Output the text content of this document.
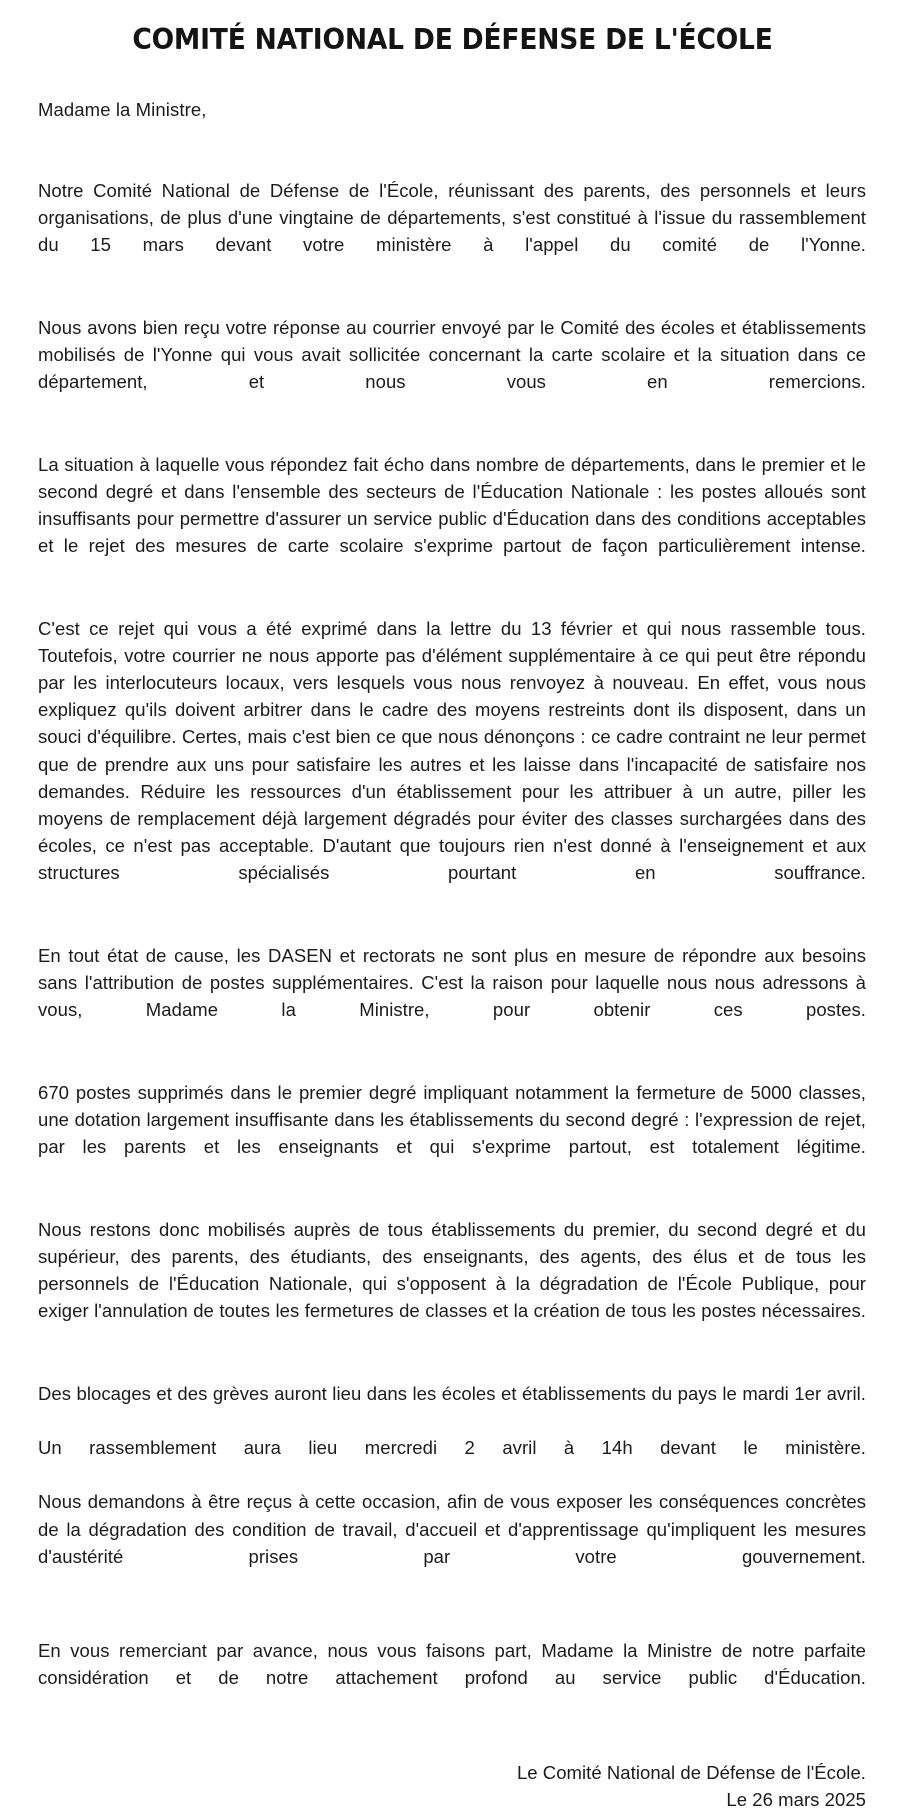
COMITÉ NATIONAL DE DÉFENSE DE L'ÉCOLE

Madame la Ministre,

Notre Comité National de Défense de l'École, réunissant des parents, des personnels et leurs organisations, de plus d'une vingtaine de départements, s'est constitué à l'issue du rassemblement du 15 mars devant votre ministère à l'appel du comité de l'Yonne.

Nous avons bien reçu votre réponse au courrier envoyé par le Comité des écoles et établissements mobilisés de l'Yonne qui vous avait sollicitée concernant la carte scolaire et la situation dans ce département, et nous vous en remercions.

La situation à laquelle vous répondez fait écho dans nombre de départements, dans le premier et le second degré et dans l'ensemble des secteurs de l'Éducation Nationale : les postes alloués sont insuffisants pour permettre d'assurer un service public d'Éducation dans des conditions acceptables et le rejet des mesures de carte scolaire s'exprime partout de façon particulièrement intense.

C'est ce rejet qui vous a été exprimé dans la lettre du 13 février et qui nous rassemble tous. Toutefois, votre courrier ne nous apporte pas d'élément supplémentaire à ce qui peut être répondu par les interlocuteurs locaux, vers lesquels vous nous renvoyez à nouveau. En effet, vous nous expliquez qu'ils doivent arbitrer dans le cadre des moyens restreints dont ils disposent, dans un souci d'équilibre. Certes, mais c'est bien ce que nous dénonçons : ce cadre contraint ne leur permet que de prendre aux uns pour satisfaire les autres et les laisse dans l'incapacité de satisfaire nos demandes. Réduire les ressources d'un établissement pour les attribuer à un autre, piller les moyens de remplacement déjà largement dégradés pour éviter des classes surchargées dans des écoles, ce n'est pas acceptable. D'autant que toujours rien n'est donné à l'enseignement et aux structures spécialisés pourtant en souffrance.

En tout état de cause, les DASEN et rectorats ne sont plus en mesure de répondre aux besoins sans l'attribution de postes supplémentaires. C'est la raison pour laquelle nous nous adressons à vous, Madame la Ministre, pour obtenir ces postes.

670 postes supprimés dans le premier degré impliquant notamment la fermeture de 5000 classes, une dotation largement insuffisante dans les établissements du second degré : l'expression de rejet, par les parents et les enseignants et qui s'exprime partout, est totalement légitime.

Nous restons donc mobilisés auprès de tous établissements du premier, du second degré et du supérieur, des parents, des étudiants, des enseignants, des agents, des élus et de tous les personnels de l'Éducation Nationale, qui s'opposent à la dégradation de l'École Publique, pour exiger l'annulation de toutes les fermetures de classes et la création de tous les postes nécessaires.

Des blocages et des grèves auront lieu dans les écoles et établissements du pays le mardi 1er avril.

Un rassemblement aura lieu mercredi 2 avril à 14h devant le ministère.

Nous demandons à être reçus à cette occasion, afin de vous exposer les conséquences concrètes de la dégradation des condition de travail, d'accueil et d'apprentissage qu'impliquent les mesures d'austérité prises par votre gouvernement.

En vous remerciant par avance, nous vous faisons part, Madame la Ministre de notre parfaite considération et de notre attachement profond au service public d'Éducation.

Le Comité National de Défense de l'École.
Le 26 mars 2025
